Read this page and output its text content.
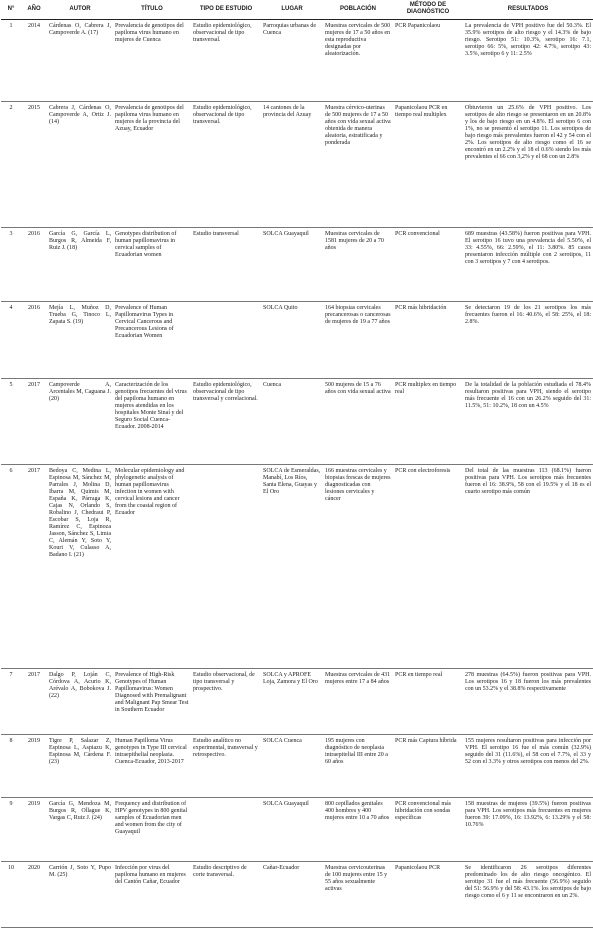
N°	AÑO	AUTOR	TÍTULO	TIPO DE ESTUDIO	LUGAR	POBLACIÓN	MÉTODO DE DIAGNÓSTICO	RESULTADOS
1	2014	Cárdenas O, Cabrera J, Campoverde A. (17)	Prevalencia de genotipos del papiloma virus humano en mujeres de Cuenca	Estudio epidemiológico, observacional de tipo transversal.	Parroquias urbanas de Cuenca	Muestras cervicales de 500 mujeres de 17 a 50 años en esta reproductiva designadas por aleatorización.	PCR Papanicolaou	La prevalencia de VPH positivo fue del 50.3%. El 35.9% serotipos de alto riesgo y el 14.3% de bajo riesgo. Serotipo 51: 10.3%, serotipo 16: 7.1, serotipo 66: 5%, serotipo 42: 4.7%, serotipo 43: 3.5%, serotipo 6 y 11: 2.5%
2	2015	Cabrera J, Cárdenas O, Campoverde A, Ortiz J. (14)	Prevalencia de genotipos del papiloma virus humano en mujeres de la provincia del Azuay, Ecuador	Estudio epidemiológico, observacional de tipo transversal.	14 cantones de la provincia del Azuay	Muestra cérvico-uterinas de 500 mujeres de 17 a 50 años con vida sexual activa obtenida de manera aleatoria, estratificada y ponderada	Papanicolaou PCR en tiempo real multiplex	Obtuvieron un 25.6% de VPH positivo. Los serotipos de alto riesgo se presentaron en un 20.8% y los de bajo riesgo en un 4.8%. El serotipo 6 con 1%, no se presentó el serotipo 11. Los serotipos de bajo riesgo más prevalentes fueron el 42 y 54 con el 2%. Los serotipos de alto riesgo como el 16 se encontró en un 2.2% y el 18 el 0.6% siendo los más prevalentes el 66 con 3,2% y el 68 con un 2.8%
3	2016	García G, García L, Burgos R, Almeida F, Ruiz J. (18)	Genotypes distribution of human papillomavirus in cervical samples of Ecuadorian women	Estudio transversal	SOLCA Guayaquil	Muestras cervicales de 1581 mujeres de 20 a 70 años	PCR convencional	689 muestras (43.58%) fueron positivas para VPH. El serotipo 16 tuvo una prevalencia del 5.50%, el 33: 4.55%, 66: 2.59%, el 11: 3.80%. 85 casos presentaron infección múltiple con 2 serotipos, 11 con 3 serotipos y 7 con 4 serotipos.
4	2016	Mejía L, Muñoz D, Trueba G, Tinoco L, Zapata S. (19)	Prevalence of Human Papillomavirus Types in Cervical Cancerous and Precancerous Lesions of Ecuadorian Women		SOLCA Quito	164 biopsias cervicales precancerosas o cancerosas de mujeres de 19 a 77 años	PCR más hibridación	Se detectaron 19 de los 21 serotipos los más frecuentes fueron el 16: 40.6%, el 58: 25%, el 18: 2.8%.
5	2017	Campoverde A, Arcentales M, Caguana J. (20)	Caracterización de los genotipos frecuentes del virus del papiloma humano en mujeres atendidas en los hospitales Monte Sinaí y del Seguro Social Cuenca-Ecuador. 2008-2014	Estudio epidemiológico, observacional de tipo transversal y correlacional.	Cuenca	500 mujeres de 15 a 76 años con vida sexual activa	PCR multiplex en tiempo real	De la totalidad de la población estudiada el 78.4% resultaron positivas para VPH, siendo el serotipo más frecuente el 16 con un 26.2% seguido del 31: 11.5%, 51: 10.2%, 18 con un 4.5%
6	2017	Bedoya C, Medina L, Espinosa M, Sánchez M, Parrales J, Molina D, Ibarra M, Quimis M, España K, Párraga K, Cajas N, Orlando S, Robalino J, Chedraui P, Escobar S, Loja R, Ramírez C, Espinoza Jasson, Sánchez S, Limia C, Alemán Y, Soto Y, Kouri V, Culasso A, Badano I. (21)	Molecular epidemiology and phylogenetic analysis of human papillomavirus infection in women with cervical lesions and cancer from the coastal region of Ecuador		SOLCA de Esmeraldas, Manabí, Los Ríos, Santa Elena, Guayas y El Oro	166 muestras cervicales y biopsias frescas de mujeres diagnosticadas con lesiones cervicales y cáncer	PCR con electroforesis	Del total de las muestras 113 (68.1%) fueron positivas para VPH. Los serotipos más frecuentes fueron el 16: 38.9%, 58 con el 19.5% y el 18 es el cuarto serotipo más común
7	2017	Dalgo P, Loján C, Córdova A, Acurio K, Arévalo A, Bobokova J. (22)	Prevalence of High-Risk Genotypes of Human Papillomavirus: Women Diagnosed with Premalignant and Malignant Pap Smear Test in Southern Ecuador	Estudio observacional, de tipo transversal y prospectivo.	SOLCA y APROFE Loja, Zamora y El Oro	Muestras cervicales de 431 mujeres entre 17 a 84 años	PCR en tiempo real	278 muestras (64.5%) fueron positivas para VPH. Los serotipos 16 y 18 fueron los más prevalentes con un 53.2% y el 38.8% respectivamente
8	2019	Tigre P, Salazar Z, Espinosa L, Aspiazu K, Espinosa M, Cárdena F. (23)	Human Papilloma Virus genotypes in Type III cervical intraepithelial neoplasia. Cuenca-Ecuador, 2013-2017	Estudio analítico no experimental, transversal y retrospectivo.	SOLCA Cuenca	195 mujeres con diagnóstico de neoplasia intraepitelial III entre 20 a 60 años	PCR más Captura híbrida	155 mujeres resultaron positivas para infección por VPH. El serotipo 16 fue el más común (32.9%) seguido del 31 (11.6%), el 58 con el 7.7%, el 33 y 52 con el 3.3% y otros serotipos con menos del 2%.
9	2019	García G, Mendoza M, Burgos R, Ollague K, Vargas C, Ruiz J. (24)	Frequency and distribution of HPV genotypes in 800 genital samples of Ecuadorian men and women from the city of Guayaquil		SOLCA Guayaquil	800 cepillados genitales 400 hombres y 400 mujeres entre 10 a 70 años	PCR convencional más hibridación con sondas específicas	158 muestras de mujeres (39.5%) fueron positivas para VPH. Los serotipos más frecuentes en mujeres fueron 39: 17.09%, 16: 13.92%, 6: 13.29% y el 58: 10.76%
10	2020	Carrión J, Soto Y, Pupo M. (25)	Infección por virus del papiloma humano en mujeres del Cantón Cañar, Ecuador	Estudio descriptivo de corte transversal.	Cañar-Ecuador	Muestras cervicouterinas de 100 mujeres entre 15 y 55 años sexualmente activas	Papanicolaou PCR	Se identificaron 26 serotipos diferentes predominado los de alto riesgo oncogénico. El serotipo 31 fue el más frecuente (56.9%) seguido del 51: 56.9% y del 58: 43.1%. los serotipos de bajo riesgo como el 6 y 11 se encontraron en un 2%.
